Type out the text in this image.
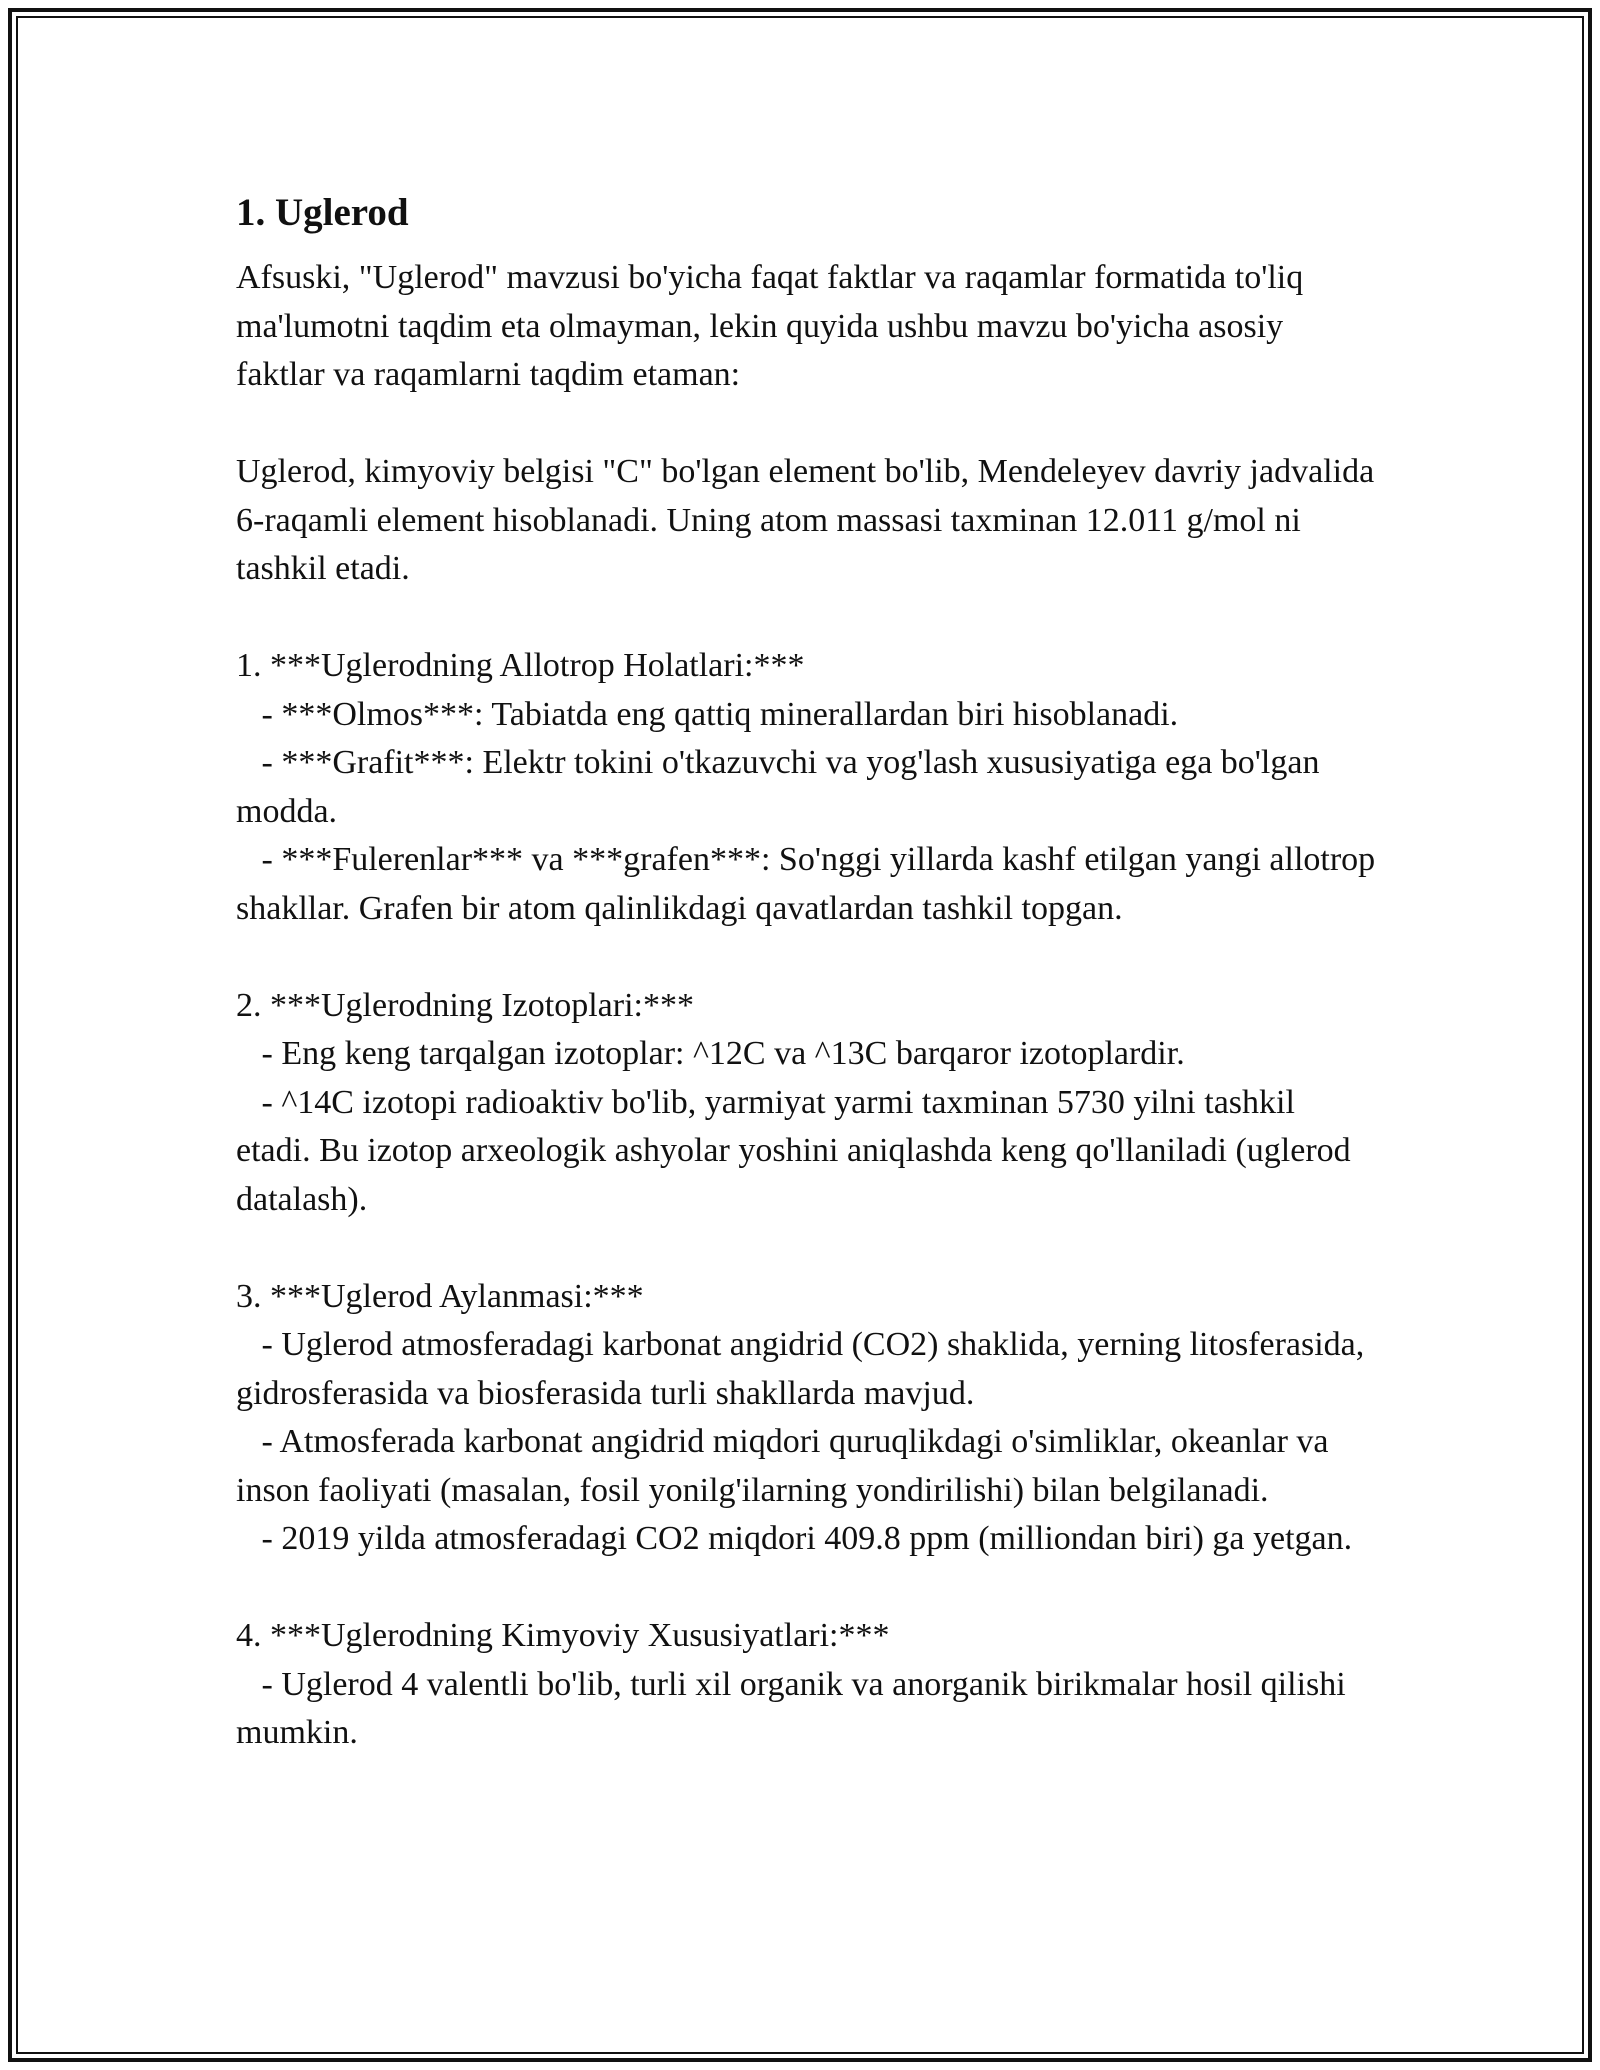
1. Uglerod

Afsuski, "Uglerod" mavzusi bo'yicha faqat faktlar va raqamlar formatida to'liq ma'lumotni taqdim eta olmayman, lekin quyida ushbu mavzu bo'yicha asosiy faktlar va raqamlarni taqdim etaman:

Uglerod, kimyoviy belgisi "C" bo'lgan element bo'lib, Mendeleyev davriy jadvalida 6-raqamli element hisoblanadi. Uning atom massasi taxminan 12.011 g/mol ni tashkil etadi.

1. ***Uglerodning Allotrop Holatlari:***
- ***Olmos***: Tabiatda eng qattiq minerallardan biri hisoblanadi.
- ***Grafit***: Elektr tokini o'tkazuvchi va yog'lash xususiyatiga ega bo'lgan modda.
- ***Fulerenlar*** va ***grafen***: So'nggi yillarda kashf etilgan yangi allotrop shakllar. Grafen bir atom qalinlikdagi qavatlardan tashkil topgan.
2. ***Uglerodning Izotoplari:***
- Eng keng tarqalgan izotoplar: ^12C va ^13C barqaror izotoplardir.
- ^14C izotopi radioaktiv bo'lib, yarmiyat yarmi taxminan 5730 yilni tashkil etadi. Bu izotop arxeologik ashyolar yoshini aniqlashda keng qo'llaniladi (uglerod datalash).
3. ***Uglerod Aylanmasi:***
- Uglerod atmosferadagi karbonat angidrid (CO2) shaklida, yerning litosferasida, gidrosferasida va biosferasida turli shakllarda mavjud.
- Atmosferada karbonat angidrid miqdori quruqlikdagi o'simliklar, okeanlar va inson faoliyati (masalan, fosil yonilg'ilarning yondirilishi) bilan belgilanadi.
- 2019 yilda atmosferadagi CO2 miqdori 409.8 ppm (milliondan biri) ga yetgan.
4. ***Uglerodning Kimyoviy Xususiyatlari:***
- Uglerod 4 valentli bo'lib, turli xil organik va anorganik birikmalar hosil qilishi mumkin.
